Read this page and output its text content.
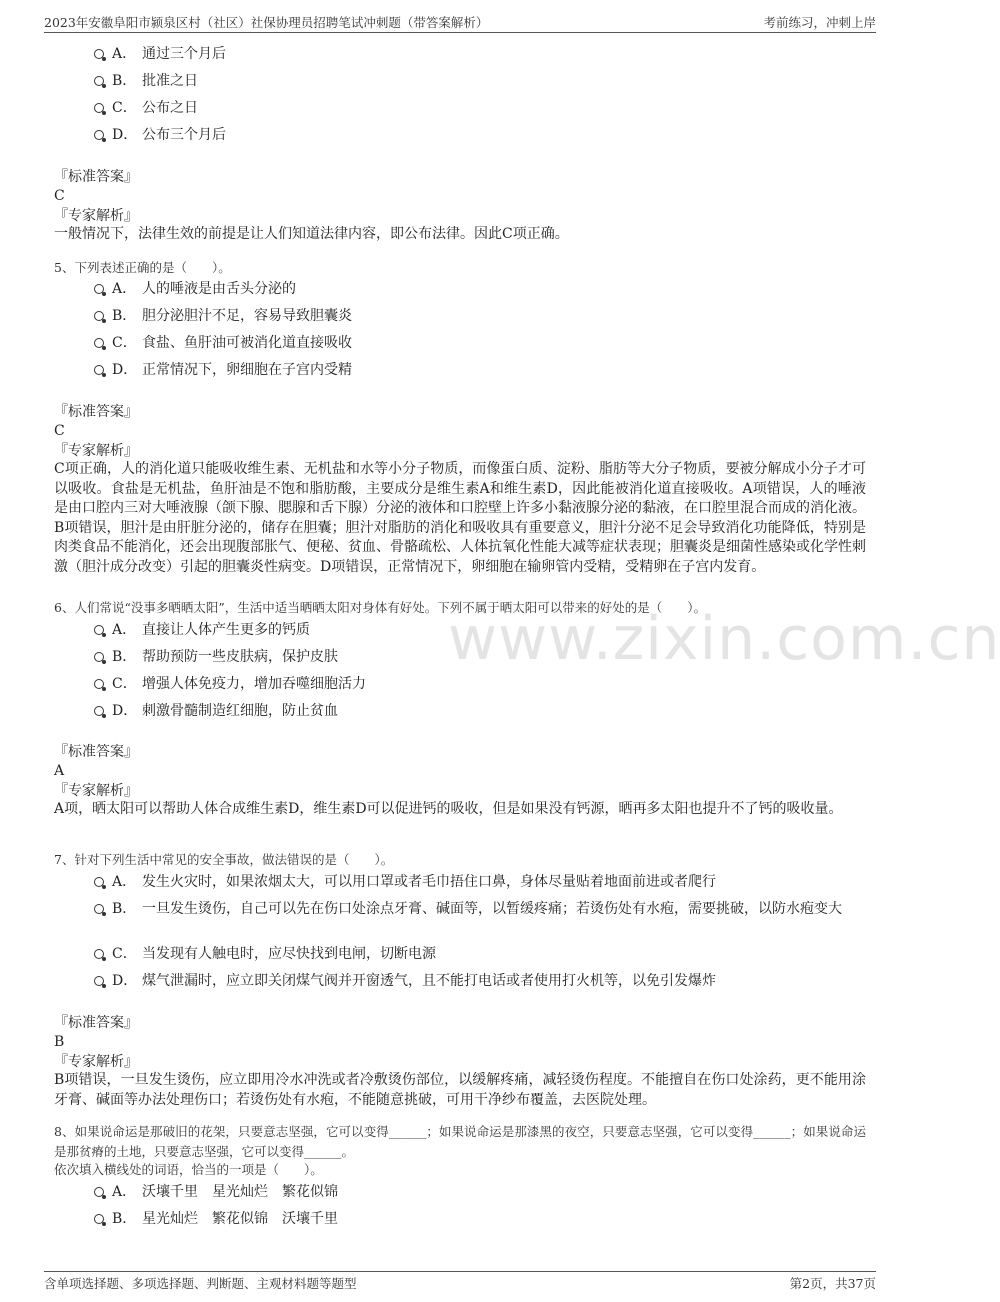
2023年安徽阜阳市颍泉区村（社区）社保协理员招聘笔试冲刺题（带答案解析）	考前练习，冲刺上岸
www.zixin.com.cn
A． 通过三个月后
B． 批准之日
C． 公布之日
D． 公布三个月后
『标准答案』
C
『专家解析』
一般情况下，法律生效的前提是让人们知道法律内容，即公布法律。因此C项正确。
5、下列表述正确的是（　　）。
A． 人的唾液是由舌头分泌的
B． 胆分泌胆汁不足，容易导致胆囊炎
C． 食盐、鱼肝油可被消化道直接吸收
D． 正常情况下，卵细胞在子宫内受精
『标准答案』
C
『专家解析』
C项正确，人的消化道只能吸收维生素、无机盐和水等小分子物质，而像蛋白质、淀粉、脂肪等大分子物质，要被分解成小分子才可以吸收。食盐是无机盐，鱼肝油是不饱和脂肪酸，主要成分是维生素A和维生素D，因此能被消化道直接吸收。A项错误，人的唾液是由口腔内三对大唾液腺（颌下腺、腮腺和舌下腺）分泌的液体和口腔壁上许多小黏液腺分泌的黏液，在口腔里混合而成的消化液。B项错误，胆汁是由肝脏分泌的，储存在胆囊；胆汁对脂肪的消化和吸收具有重要意义，胆汁分泌不足会导致消化功能降低，特别是肉类食品不能消化，还会出现腹部胀气、便秘、贫血、骨骼疏松、人体抗氧化性能大减等症状表现；胆囊炎是细菌性感染或化学性刺激（胆汁成分改变）引起的胆囊炎性病变。D项错误，正常情况下，卵细胞在输卵管内受精，受精卵在子宫内发育。
6、人们常说“没事多晒晒太阳”，生活中适当晒晒太阳对身体有好处。下列不属于晒太阳可以带来的好处的是（　　）。
A． 直接让人体产生更多的钙质
B． 帮助预防一些皮肤病，保护皮肤
C． 增强人体免疫力，增加吞噬细胞活力
D． 刺激骨髓制造红细胞，防止贫血
『标准答案』
A
『专家解析』
A项，晒太阳可以帮助人体合成维生素D，维生素D可以促进钙的吸收，但是如果没有钙源，晒再多太阳也提升不了钙的吸收量。
7、针对下列生活中常见的安全事故，做法错误的是（　　）。
A． 发生火灾时，如果浓烟太大，可以用口罩或者毛巾捂住口鼻，身体尽量贴着地面前进或者爬行
B． 一旦发生烫伤，自己可以先在伤口处涂点牙膏、碱面等，以暂缓疼痛；若烫伤处有水疱，需要挑破，以防水疱变大
C． 当发现有人触电时，应尽快找到电闸，切断电源
D． 煤气泄漏时，应立即关闭煤气阀并开窗透气，且不能打电话或者使用打火机等，以免引发爆炸
『标准答案』
B
『专家解析』
B项错误，一旦发生烫伤，应立即用冷水冲洗或者冷敷烫伤部位，以缓解疼痛，减轻烫伤程度。不能擅自在伤口处涂药，更不能用涂牙膏、碱面等办法处理伤口；若烫伤处有水疱，不能随意挑破，可用干净纱布覆盖，去医院处理。
8、如果说命运是那破旧的花架，只要意志坚强，它可以变得______；如果说命运是那漆黑的夜空，只要意志坚强，它可以变得______；如果说命运是那贫瘠的土地，只要意志坚强，它可以变得______。
依次填入横线处的词语，恰当的一项是（　　）。
A． 沃壤千里　星光灿烂　繁花似锦
B． 星光灿烂　繁花似锦　沃壤千里
含单项选择题、多项选择题、判断题、主观材料题等题型	第2页，共37页
